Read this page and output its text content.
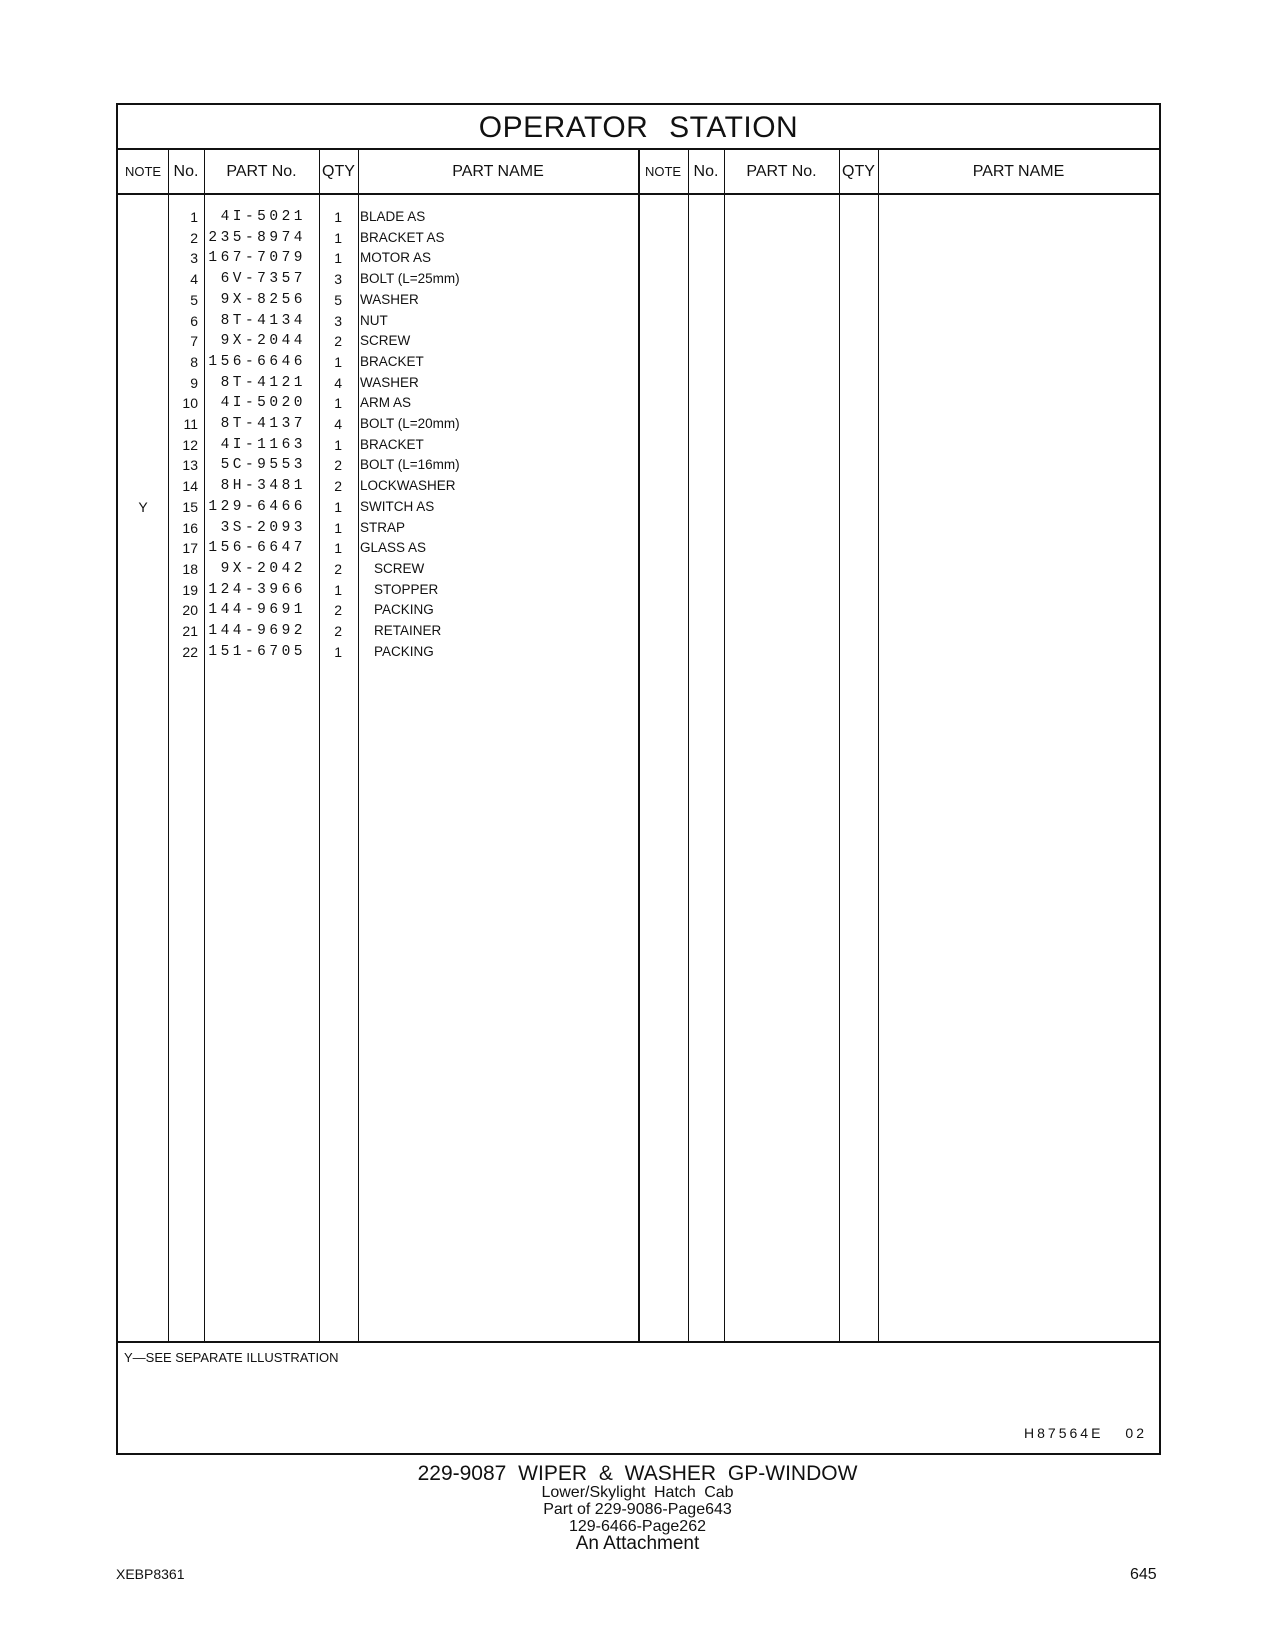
OPERATOR STATION
NOTE No.	PART No.	QTY	PART NAME	NOTE No.	PART No.	QTY	PART NAME
1	4I-5021	1 BLADE AS
2 235-8974	1 BRACKET AS
3 167-7079	1 MOTOR AS
4	6V-7357	3 BOLT (L=25mm)
5	9X-8256	5 WASHER
6	8T-4134	3 NUT
7	9X-2044	2 SCREW
8 156-6646	1 BRACKET
9	8T-4121	4 WASHER
10	4I-5020	1 ARM AS
11	8T-4137	4 BOLT (L=20mm)
12	4I-1163	1 BRACKET
13	5C-9553	2 BOLT (L=16mm)
14	8H-3481	2 LOCKWASHER
Y	15 129-6466	1 SWITCH AS
16	3S-2093	1 STRAP
17 156-6647	1 GLASS AS
18	9X-2042	2 SCREW
19 124-3966	1 STOPPER
20 144-9691	2 PACKING
21 144-9692	2 RETAINER
22 151-6705	1 PACKING
Y—SEE SEPARATE ILLUSTRATION
H87564E 02
229-9087 WIPER & WASHER GP-WINDOW
Lower/Skylight Hatch Cab
Part of 229-9086-Page643
129-6466-Page262
An Attachment
XEBP8361	645
